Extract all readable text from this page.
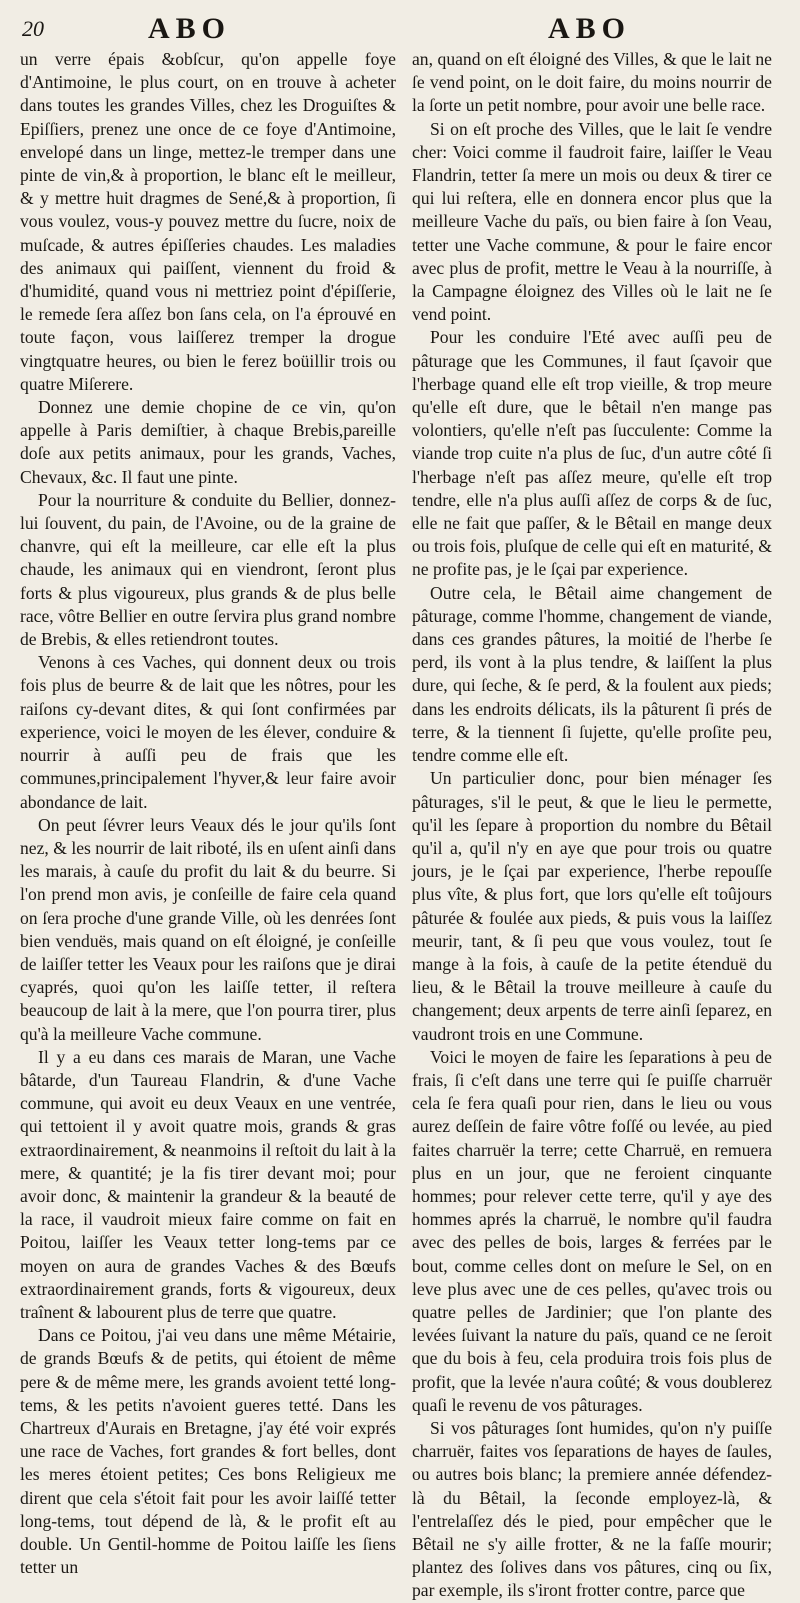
20	ABO	ABO

un verre épais &obſcur, qu'on appelle foye d'Antimoine, le plus court, on en trouve à acheter dans toutes les grandes Villes, chez les Droguiſtes & Epiſſiers, prenez une once de ce foye d'Antimoine, envelopé dans un linge, mettez-le tremper dans une pinte de vin,& à proportion, le blanc eſt le meilleur, & y mettre huit dragmes de Sené,& à proportion, ſi vous voulez, vous-y pouvez mettre du ſucre, noix de muſcade, & autres épiſſeries chaudes. Les maladies des animaux qui paiſſent, viennent du froid & d'humidité, quand vous ni mettriez point d'épiſſerie, le remede ſera aſſez bon ſans cela, on l'a éprouvé en toute façon, vous laiſſerez tremper la drogue vingtquatre heures, ou bien le ferez boüillir trois ou quatre Miſerere.

Donnez une demie chopine de ce vin, qu'on appelle à Paris demiſtier, à chaque Brebis,pareille doſe aux petits animaux, pour les grands, Vaches, Chevaux, &c. Il faut une pinte.

Pour la nourriture & conduite du Bellier, donnez-lui ſouvent, du pain, de l'Avoine, ou de la graine de chanvre, qui eſt la meilleure, car elle eſt la plus chaude, les animaux qui en viendront, ſeront plus forts & plus vigoureux, plus grands & de plus belle race, vôtre Bellier en outre ſervira plus grand nombre de Brebis, & elles retiendront toutes.

Venons à ces Vaches, qui donnent deux ou trois fois plus de beurre & de lait que les nôtres, pour les raiſons cy-devant dites, & qui ſont confirmées par experience, voici le moyen de les élever, conduire & nourrir à auſſi peu de frais que les communes,principalement l'hyver,& leur faire avoir abondance de lait.

On peut ſévrer leurs Veaux dés le jour qu'ils ſont nez, & les nourrir de lait riboté, ils en uſent ainſi dans les marais, à cauſe du profit du lait & du beurre. Si l'on prend mon avis, je conſeille de faire cela quand on ſera proche d'une grande Ville, où les denrées ſont bien venduës, mais quand on eſt éloigné, je conſeille de laiſſer tetter les Veaux pour les raiſons que je dirai cyaprés, quoi qu'on les laiſſe tetter, il reſtera beaucoup de lait à la mere, que l'on pourra tirer, plus qu'à la meilleure Vache commune.

Il y a eu dans ces marais de Maran, une Vache bâtarde, d'un Taureau Flandrin, & d'une Vache commune, qui avoit eu deux Veaux en une ventrée, qui tettoient il y avoit quatre mois, grands & gras extraordinairement, & neanmoins il reſtoit du lait à la mere, & quantité; je la fis tirer devant moi; pour avoir donc, & maintenir la grandeur & la beauté de la race, il vaudroit mieux faire comme on fait en Poitou, laiſſer les Veaux tetter long-tems par ce moyen on aura de grandes Vaches & des Bœufs extraordinairement grands, forts & vigoureux, deux traînent & labourent plus de terre que quatre.

Dans ce Poitou, j'ai veu dans une même Métairie, de grands Bœufs & de petits, qui étoient de même pere & de même mere, les grands avoient tetté long-tems, & les petits n'avoient gueres tetté. Dans les Chartreux d'Aurais en Bretagne, j'ay été voir exprés une race de Vaches, fort grandes & fort belles, dont les meres étoient petites; Ces bons Religieux me dirent que cela s'étoit fait pour les avoir laiſſé tetter long-tems, tout dépend de là, & le profit eſt au double. Un Gentil-homme de Poitou laiſſe les ſiens tetter un

an, quand on eſt éloigné des Villes, & que le lait ne ſe vend point, on le doit faire, du moins nourrir de la ſorte un petit nombre, pour avoir une belle race.

Si on eſt proche des Villes, que le lait ſe vendre cher: Voici comme il faudroit faire, laiſſer le Veau Flandrin, tetter ſa mere un mois ou deux & tirer ce qui lui reſtera, elle en donnera encor plus que la meilleure Vache du païs, ou bien faire à ſon Veau, tetter une Vache commune, & pour le faire encor avec plus de profit, mettre le Veau à la nourriſſe, à la Campagne éloignez des Villes où le lait ne ſe vend point.

Pour les conduire l'Eté avec auſſi peu de pâturage que les Communes, il faut ſçavoir que l'herbage quand elle eſt trop vieille, & trop meure qu'elle eſt dure, que le bêtail n'en mange pas volontiers, qu'elle n'eſt pas ſucculente: Comme la viande trop cuite n'a plus de ſuc, d'un autre côté ſi l'herbage n'eſt pas aſſez meure, qu'elle eſt trop tendre, elle n'a plus auſſi aſſez de corps & de ſuc, elle ne fait que paſſer, & le Bêtail en mange deux ou trois fois, pluſque de celle qui eſt en maturité, & ne profite pas, je le ſçai par experience.

Outre cela, le Bêtail aime changement de pâturage, comme l'homme, changement de viande, dans ces grandes pâtures, la moitié de l'herbe ſe perd, ils vont à la plus tendre, & laiſſent la plus dure, qui ſeche, & ſe perd, & la foulent aux pieds; dans les endroits délicats, ils la pâturent ſi prés de terre, & la tiennent ſi ſujette, qu'elle proſite peu, tendre comme elle eſt.

Un particulier donc, pour bien ménager ſes pâturages, s'il le peut, & que le lieu le permette, qu'il les ſepare à proportion du nombre du Bêtail qu'il a, qu'il n'y en aye que pour trois ou quatre jours, je le ſçai par experience, l'herbe repouſſe plus vîte, & plus fort, que lors qu'elle eſt toûjours pâturée & foulée aux pieds, & puis vous la laiſſez meurir, tant, & ſi peu que vous voulez, tout ſe mange à la fois, à cauſe de la petite étenduë du lieu, & le Bêtail la trouve meilleure à cauſe du changement; deux arpents de terre ainſi ſeparez, en vaudront trois en une Commune.

Voici le moyen de faire les ſeparations à peu de frais, ſi c'eſt dans une terre qui ſe puiſſe charruër cela ſe fera quaſi pour rien, dans le lieu ou vous aurez deſſein de faire vôtre foſſé ou levée, au pied faites charruër la terre; cette Charruë, en remuera plus en un jour, que ne feroient cinquante hommes; pour relever cette terre, qu'il y aye des hommes aprés la charruë, le nombre qu'il faudra avec des pelles de bois, larges & ferrées par le bout, comme celles dont on meſure le Sel, on en leve plus avec une de ces pelles, qu'avec trois ou quatre pelles de Jardinier; que l'on plante des levées ſuivant la nature du païs, quand ce ne ſeroit que du bois à feu, cela produira trois fois plus de profit, que la levée n'aura coûté; & vous doublerez quaſi le revenu de vos pâturages.

Si vos pâturages ſont humides, qu'on n'y puiſſe charruër, faites vos ſeparations de hayes de ſaules, ou autres bois blanc; la premiere année défendez-là du Bêtail, la ſeconde employez-là, & l'entrelaſſez dés le pied, pour empêcher que le Bêtail ne s'y aille frotter, & ne la faſſe mourir; plantez des ſolives dans vos pâtures, cinq ou ſix, par exemple, ils s'iront frotter contre, parce que
